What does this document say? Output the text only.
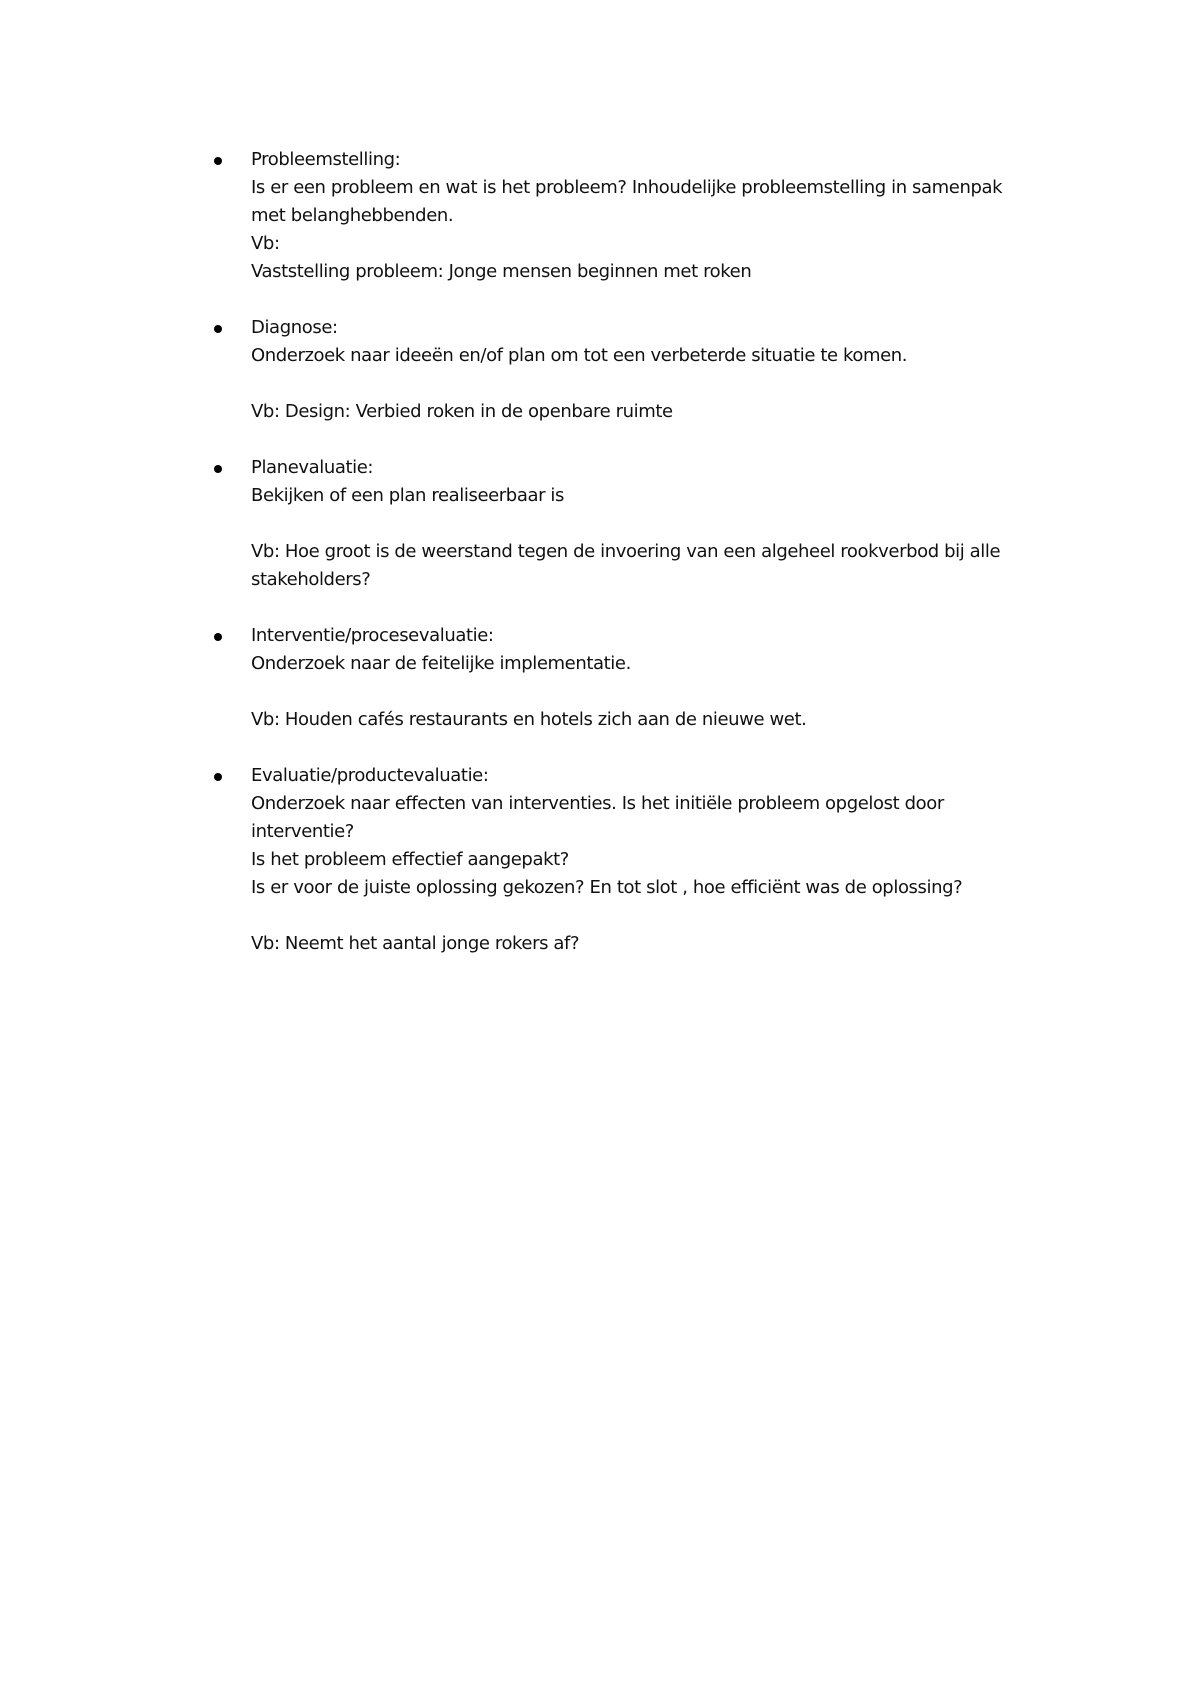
Probleemstelling:
Is er een probleem en wat is het probleem? Inhoudelijke probleemstelling in samenpak
met belanghebbenden.
Vb:
Vaststelling probleem: Jonge mensen beginnen met roken
Diagnose:
Onderzoek naar ideeën en/of plan om tot een verbeterde situatie te komen.
Vb: Design: Verbied roken in de openbare ruimte
Planevaluatie:
Bekijken of een plan realiseerbaar is
Vb: Hoe groot is de weerstand tegen de invoering van een algeheel rookverbod bij alle
stakeholders?
Interventie/procesevaluatie:
Onderzoek naar de feitelijke implementatie.
Vb: Houden cafés restaurants en hotels zich aan de nieuwe wet.
Evaluatie/productevaluatie:
Onderzoek naar effecten van interventies. Is het initiële probleem opgelost door
interventie?
Is het probleem effectief aangepakt?
Is er voor de juiste oplossing gekozen? En tot slot , hoe efficiënt was de oplossing?
Vb: Neemt het aantal jonge rokers af?
